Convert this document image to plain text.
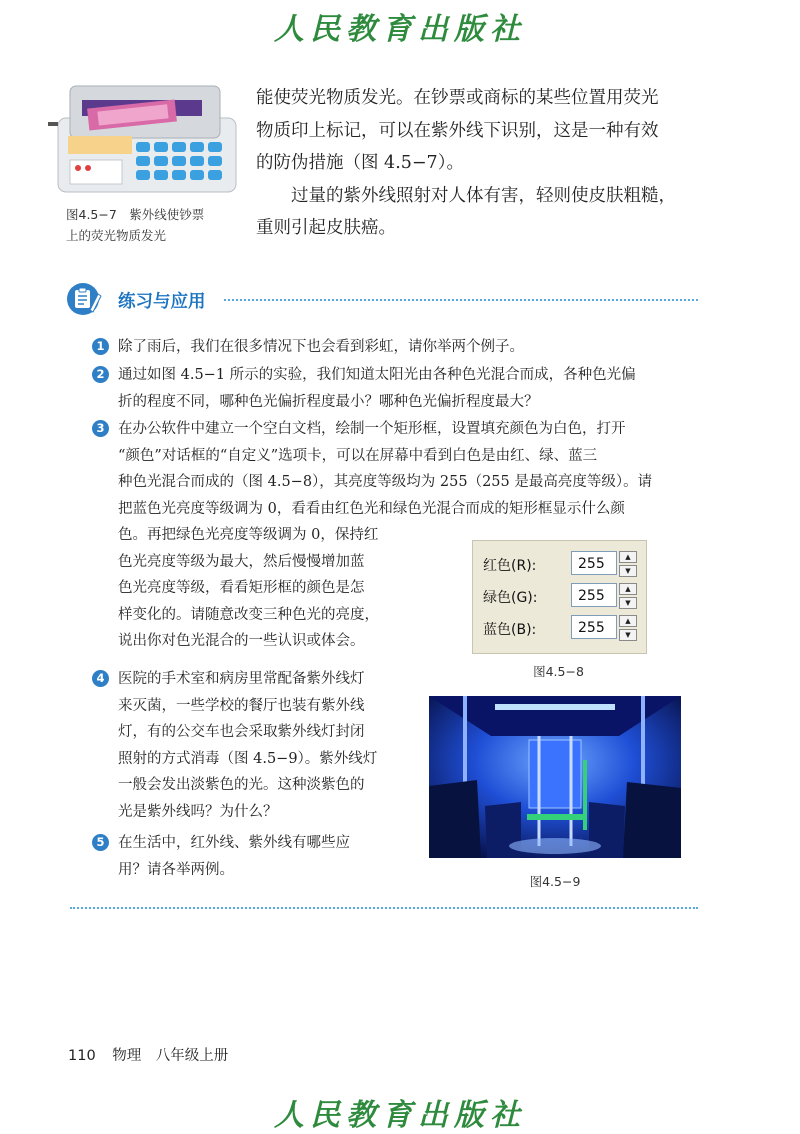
人民教育出版社
图4.5−7　紫外线使钞票
上的荧光物质发光
能使荧光物质发光。在钞票或商标的某些位置用荧光
物质印上标记，可以在紫外线下识别，这是一种有效
的防伪措施（图 4.5−7）。
过量的紫外线照射对人体有害，轻则使皮肤粗糙，
重则引起皮肤癌。
练习与应用
1 除了雨后，我们在很多情况下也会看到彩虹，请你举两个例子。
2 通过如图 4.5−1 所示的实验，我们知道太阳光由各种色光混合而成，各种色光偏
折的程度不同，哪种色光偏折程度最小？哪种色光偏折程度最大？
3 在办公软件中建立一个空白文档，绘制一个矩形框，设置填充颜色为白色，打开
“颜色”对话框的“自定义”选项卡，可以在屏幕中看到白色是由红、绿、蓝三
种色光混合而成的（图 4.5−8），其亮度等级均为 255（255 是最高亮度等级）。请
把蓝色光亮度等级调为 0，看看由红色光和绿色光混合而成的矩形框显示什么颜
色。再把绿色光亮度等级调为 0，保持红
色光亮度等级为最大，然后慢慢增加蓝
色光亮度等级，看看矩形框的颜色是怎
样变化的。请随意改变三种色光的亮度，
说出你对色光混合的一些认识或体会。
红色(R):	255	▲
▼
绿色(G):	255	▲
▼
蓝色(B):	255	▲
▼
图4.5−8
4 医院的手术室和病房里常配备紫外线灯
来灭菌，一些学校的餐厅也装有紫外线
灯，有的公交车也会采取紫外线灯封闭
照射的方式消毒（图 4.5−9）。紫外线灯
一般会发出淡紫色的光。这种淡紫色的
光是紫外线吗？为什么？
5 在生活中，红外线、紫外线有哪些应
用？请各举两例。
图4.5−9
110 物理　八年级上册
人民教育出版社
